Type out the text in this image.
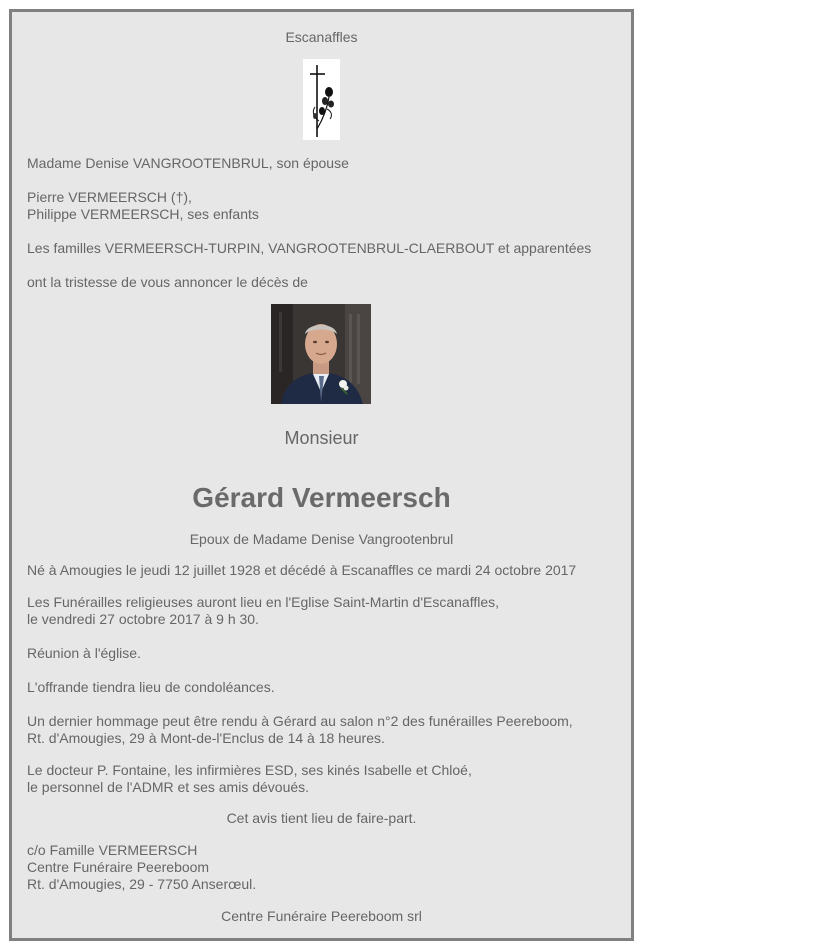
Escanaffles
Madame Denise VANGROOTENBRUL, son épouse
Pierre VERMEERSCH (†),
Philippe VERMEERSCH, ses enfants
Les familles VERMEERSCH-TURPIN, VANGROOTENBRUL-CLAERBOUT et apparentées
ont la tristesse de vous annoncer le décès de
Monsieur
Gérard Vermeersch
Epoux de Madame Denise Vangrootenbrul
Né à Amougies le jeudi 12 juillet 1928 et décédé à Escanaffles ce mardi 24 octobre 2017
Les Funérailles religieuses auront lieu en l'Eglise Saint-Martin d'Escanaffles,
le vendredi 27 octobre 2017 à 9 h 30.
Réunion à l'église.
L'offrande tiendra lieu de condoléances.
Un dernier hommage peut être rendu à Gérard au salon n°2 des funérailles Peereboom,
Rt. d'Amougies, 29 à Mont-de-l'Enclus de 14 à 18 heures.
Le docteur P. Fontaine, les infirmières ESD, ses kinés Isabelle et Chloé,
le personnel de l'ADMR et ses amis dévoués.
Cet avis tient lieu de faire-part.
c/o Famille VERMEERSCH
Centre Funéraire Peereboom
Rt. d'Amougies, 29 - 7750 Anserœul.
Centre Funéraire Peereboom srl
